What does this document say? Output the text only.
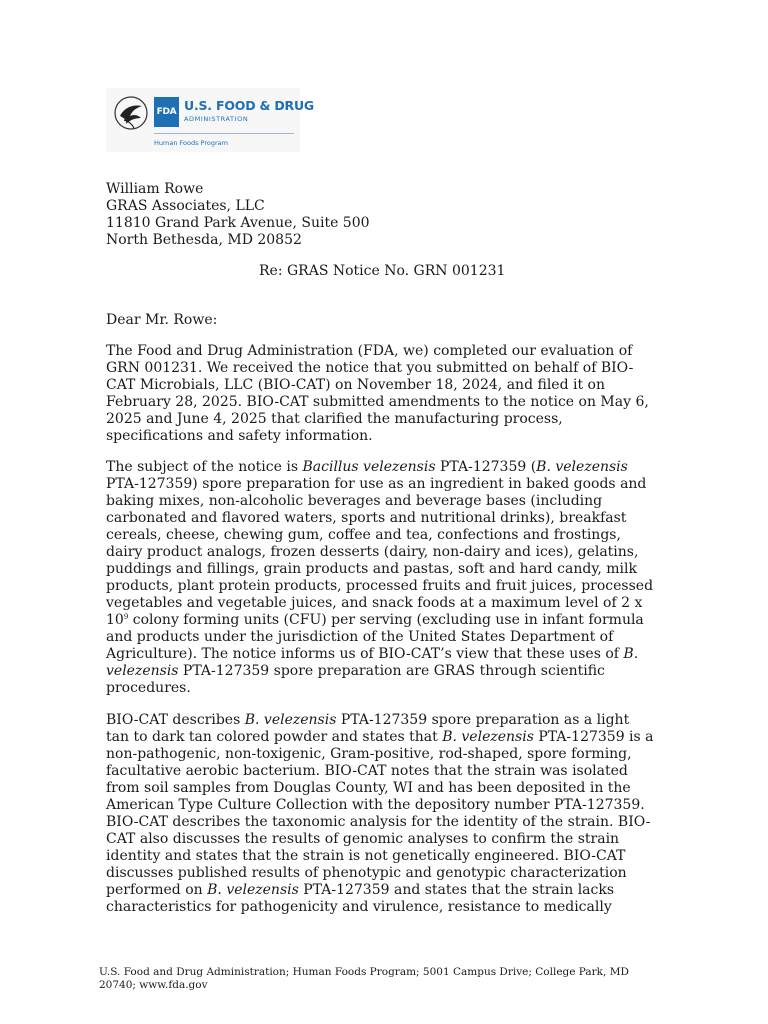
FDA U.S. FOOD & DRUG
ADMINISTRATION
Human Foods Program
William Rowe
GRAS Associates, LLC
11810 Grand Park Avenue, Suite 500
North Bethesda, MD 20852
Re: GRAS Notice No. GRN 001231
Dear Mr. Rowe:
The Food and Drug Administration (FDA, we) completed our evaluation of
GRN 001231. We received the notice that you submitted on behalf of BIO-
CAT Microbials, LLC (BIO-CAT) on November 18, 2024, and filed it on
February 28, 2025. BIO-CAT submitted amendments to the notice on May 6,
2025 and June 4, 2025 that clarified the manufacturing process,
specifications and safety information.
The subject of the notice is Bacillus velezensis PTA-127359 (B. velezensis
PTA-127359) spore preparation for use as an ingredient in baked goods and
baking mixes, non-alcoholic beverages and beverage bases (including
carbonated and flavored waters, sports and nutritional drinks), breakfast
cereals, cheese, chewing gum, coffee and tea, confections and frostings,
dairy product analogs, frozen desserts (dairy, non-dairy and ices), gelatins,
puddings and fillings, grain products and pastas, soft and hard candy, milk
products, plant protein products, processed fruits and fruit juices, processed
vegetables and vegetable juices, and snack foods at a maximum level of 2 x
$10^9$ colony forming units (CFU) per serving (excluding use in infant formula
and products under the jurisdiction of the United States Department of
Agriculture). The notice informs us of BIO-CAT’s view that these uses of B.
velezensis PTA-127359 spore preparation are GRAS through scientific
procedures.
BIO-CAT describes B. velezensis PTA-127359 spore preparation as a light
tan to dark tan colored powder and states that B. velezensis PTA-127359 is a
non-pathogenic, non-toxigenic, Gram-positive, rod-shaped, spore forming,
facultative aerobic bacterium. BIO-CAT notes that the strain was isolated
from soil samples from Douglas County, WI and has been deposited in the
American Type Culture Collection with the depository number PTA-127359.
BIO-CAT describes the taxonomic analysis for the identity of the strain. BIO-
CAT also discusses the results of genomic analyses to confirm the strain
identity and states that the strain is not genetically engineered. BIO-CAT
discusses published results of phenotypic and genotypic characterization
performed on B. velezensis PTA-127359 and states that the strain lacks
characteristics for pathogenicity and virulence, resistance to medically
U.S. Food and Drug Administration; Human Foods Program; 5001 Campus Drive; College Park, MD
20740; www.fda.gov
